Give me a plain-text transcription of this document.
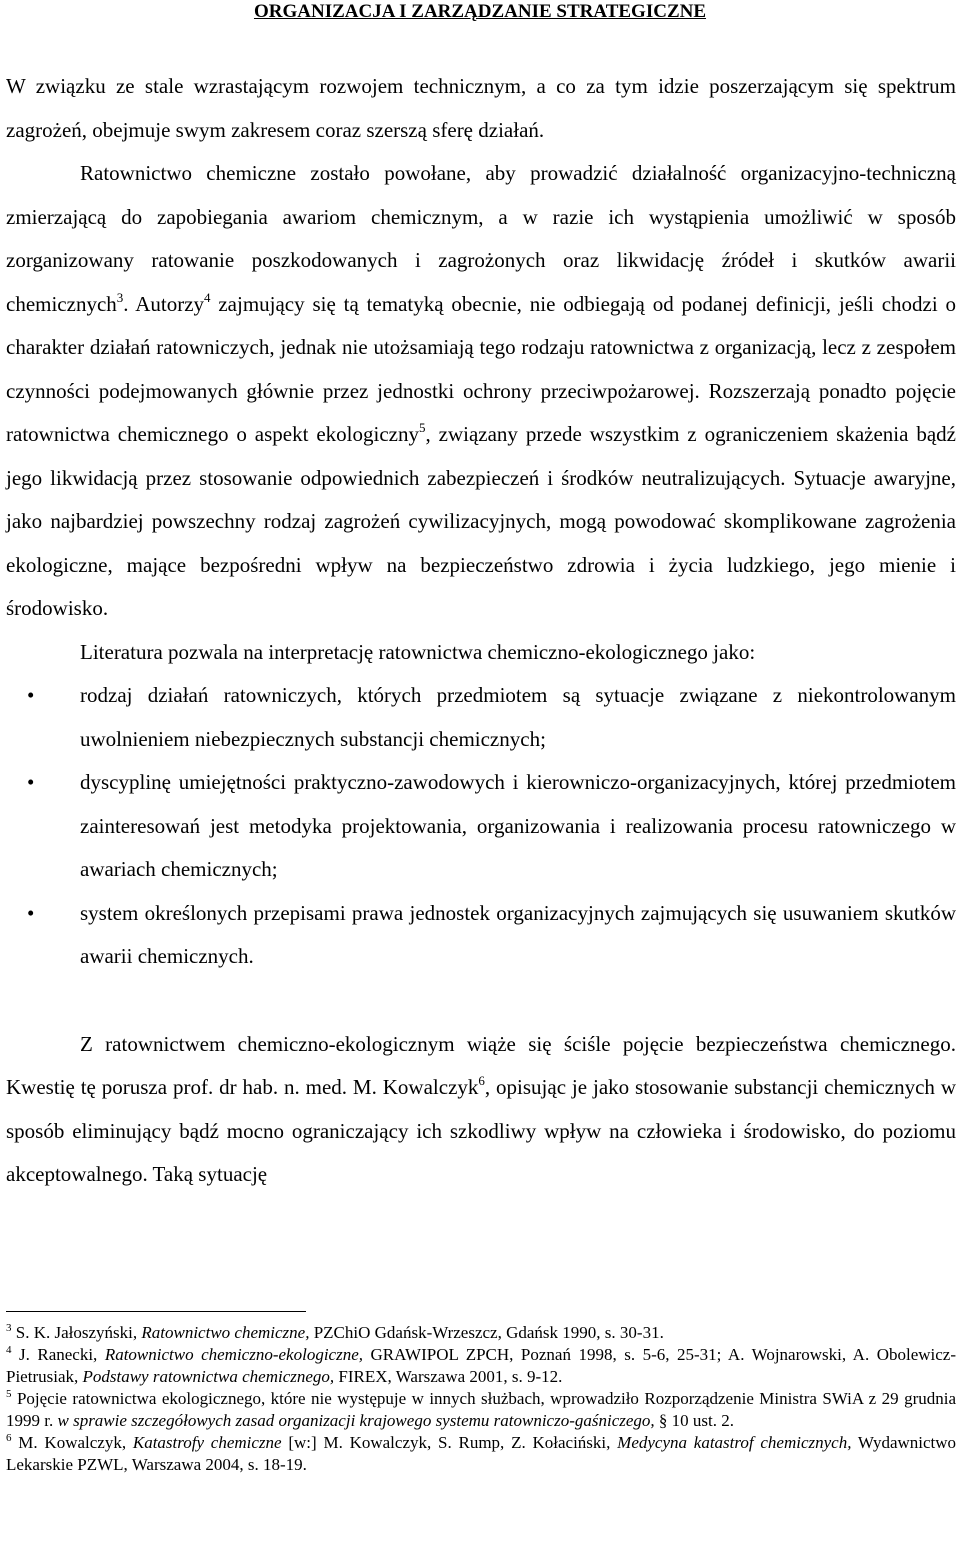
ORGANIZACJA I ZARZĄDZANIE STRATEGICZNE

W związku ze stale wzrastającym rozwojem technicznym, a co za tym idzie poszerzającym się spektrum zagrożeń, obejmuje swym zakresem coraz szerszą sferę działań.

Ratownictwo chemiczne zostało powołane, aby prowadzić działalność organizacyjno-techniczną zmierzającą do zapobiegania awariom chemicznym, a w razie ich wystąpienia umożliwić w sposób zorganizowany ratowanie poszkodowanych i zagrożonych oraz likwidację źródeł i skutków awarii chemicznych$^3$. Autorzy$^4$ zajmujący się tą tematyką obecnie, nie odbiegają od podanej definicji, jeśli chodzi o charakter działań ratowniczych, jednak nie utożsamiają tego rodzaju ratownictwa z organizacją, lecz z zespołem czynności podejmowanych głównie przez jednostki ochrony przeciwpożarowej. Rozszerzają ponadto pojęcie ratownictwa chemicznego o aspekt ekologiczny$^5$, związany przede wszystkim z ograniczeniem skażenia bądź jego likwidacją przez stosowanie odpowiednich zabezpieczeń i środków neutralizujących. Sytuacje awaryjne, jako najbardziej powszechny rodzaj zagrożeń cywilizacyjnych, mogą powodować skomplikowane zagrożenia ekologiczne, mające bezpośredni wpływ na bezpieczeństwo zdrowia i życia ludzkiego, jego mienie i środowisko.

Literatura pozwala na interpretację ratownictwa chemiczno-ekologicznego jako:

• rodzaj działań ratowniczych, których przedmiotem są sytuacje związane z niekontrolowanym uwolnieniem niebezpiecznych substancji chemicznych;
• dyscyplinę umiejętności praktyczno-zawodowych i kierowniczo-organizacyjnych, której przedmiotem zainteresowań jest metodyka projektowania, organizowania i realizowania procesu ratowniczego w awariach chemicznych;
• system określonych przepisami prawa jednostek organizacyjnych zajmujących się usuwaniem skutków awarii chemicznych.

Z ratownictwem chemiczno-ekologicznym wiąże się ściśle pojęcie bezpieczeństwa chemicznego. Kwestię tę porusza prof. dr hab. n. med. M. Kowalczyk$^6$, opisując je jako stosowanie substancji chemicznych w sposób eliminujący bądź mocno ograniczający ich szkodliwy wpływ na człowieka i środowisko, do poziomu akceptowalnego. Taką sytuację

$^3$ S. K. Jałoszyński, Ratownictwo chemiczne, PZChiO Gdańsk-Wrzeszcz, Gdańsk 1990, s. 30-31.

$^4$ J. Ranecki, Ratownictwo chemiczno-ekologiczne, GRAWIPOL ZPCH, Poznań 1998, s. 5-6, 25-31; A. Wojnarowski, A. Obolewicz-Pietrusiak, Podstawy ratownictwa chemicznego, FIREX, Warszawa 2001, s. 9-12.

$^5$ Pojęcie ratownictwa ekologicznego, które nie występuje w innych służbach, wprowadziło Rozporządzenie Ministra SWiA z 29 grudnia 1999 r. w sprawie szczegółowych zasad organizacji krajowego systemu ratowniczo-gaśniczego, § 10 ust. 2.

$^6$ M. Kowalczyk, Katastrofy chemiczne [w:] M. Kowalczyk, S. Rump, Z. Kołaciński, Medycyna katastrof chemicznych, Wydawnictwo Lekarskie PZWL, Warszawa 2004, s. 18-19.
